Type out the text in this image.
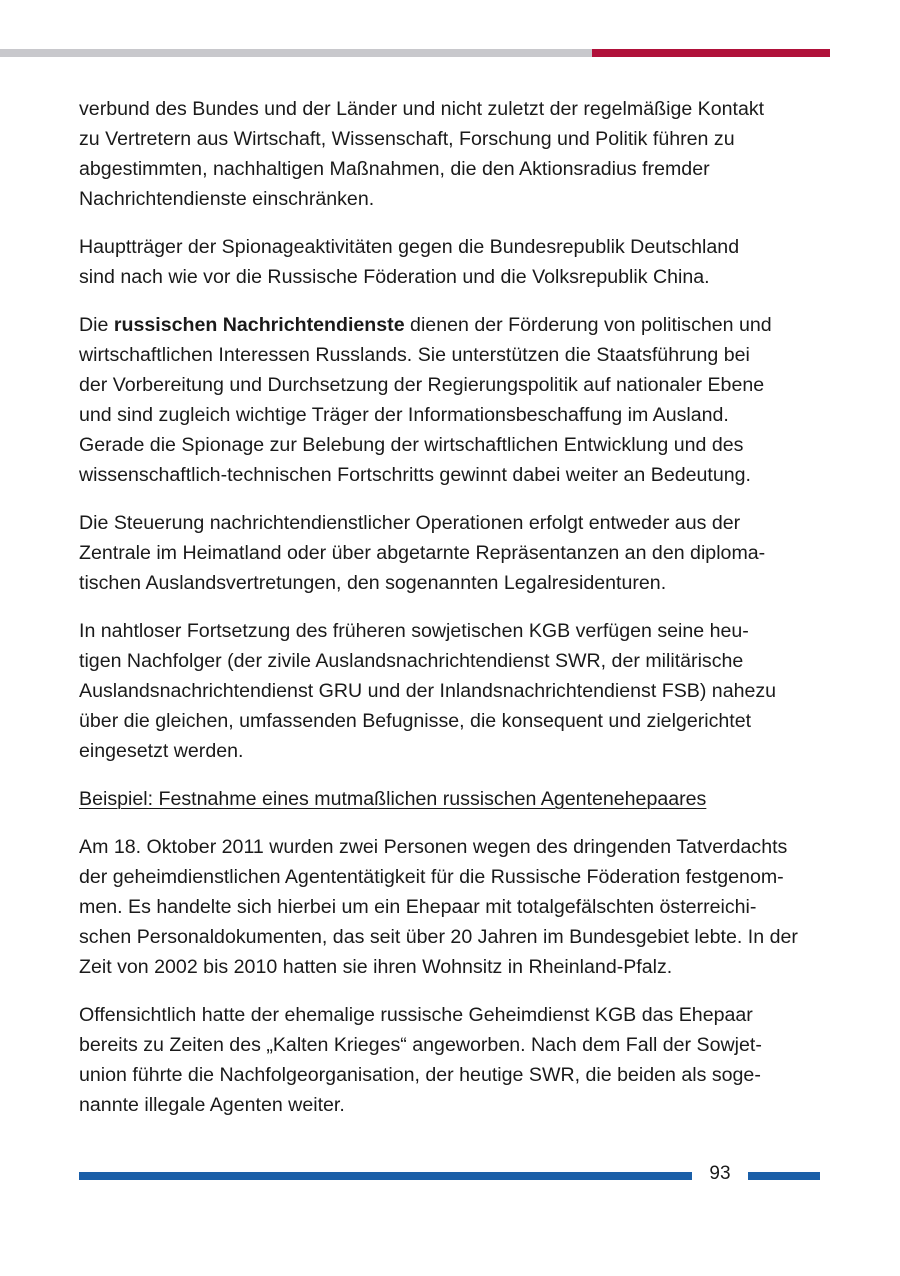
verbund des Bundes und der Länder und nicht zuletzt der regelmäßige Kontakt
zu Vertretern aus Wirtschaft, Wissenschaft, Forschung und Politik führen zu
abgestimmten, nachhaltigen Maßnahmen, die den Aktionsradius fremder
Nachrichtendienste einschränken.

Hauptträger der Spionageaktivitäten gegen die Bundesrepublik Deutschland
sind nach wie vor die Russische Föderation und die Volksrepublik China.

Die russischen Nachrichtendienste dienen der Förderung von politischen und
wirtschaftlichen Interessen Russlands. Sie unterstützen die Staatsführung bei
der Vorbereitung und Durchsetzung der Regierungspolitik auf nationaler Ebene
und sind zugleich wichtige Träger der Informationsbeschaffung im Ausland.
Gerade die Spionage zur Belebung der wirtschaftlichen Entwicklung und des
wissenschaftlich-technischen Fortschritts gewinnt dabei weiter an Bedeutung.

Die Steuerung nachrichtendienstlicher Operationen erfolgt entweder aus der
Zentrale im Heimatland oder über abgetarnte Repräsentanzen an den diploma-
tischen Auslandsvertretungen, den sogenannten Legalresidenturen.

In nahtloser Fortsetzung des früheren sowjetischen KGB verfügen seine heu-
tigen Nachfolger (der zivile Auslandsnachrichtendienst SWR, der militärische
Auslandsnachrichtendienst GRU und der Inlandsnachrichtendienst FSB) nahezu
über die gleichen, umfassenden Befugnisse, die konsequent und zielgerichtet
eingesetzt werden.

Beispiel: Festnahme eines mutmaßlichen russischen Agentenehepaares

Am 18. Oktober 2011 wurden zwei Personen wegen des dringenden Tatverdachts
der geheimdienstlichen Agententätigkeit für die Russische Föderation festgenom-
men. Es handelte sich hierbei um ein Ehepaar mit totalgefälschten österreichi-
schen Personaldokumenten, das seit über 20 Jahren im Bundesgebiet lebte. In der
Zeit von 2002 bis 2010 hatten sie ihren Wohnsitz in Rheinland-Pfalz.

Offensichtlich hatte der ehemalige russische Geheimdienst KGB das Ehepaar
bereits zu Zeiten des „Kalten Krieges“ angeworben. Nach dem Fall der Sowjet-
union führte die Nachfolgeorganisation, der heutige SWR, die beiden als soge-
nannte illegale Agenten weiter.

93
